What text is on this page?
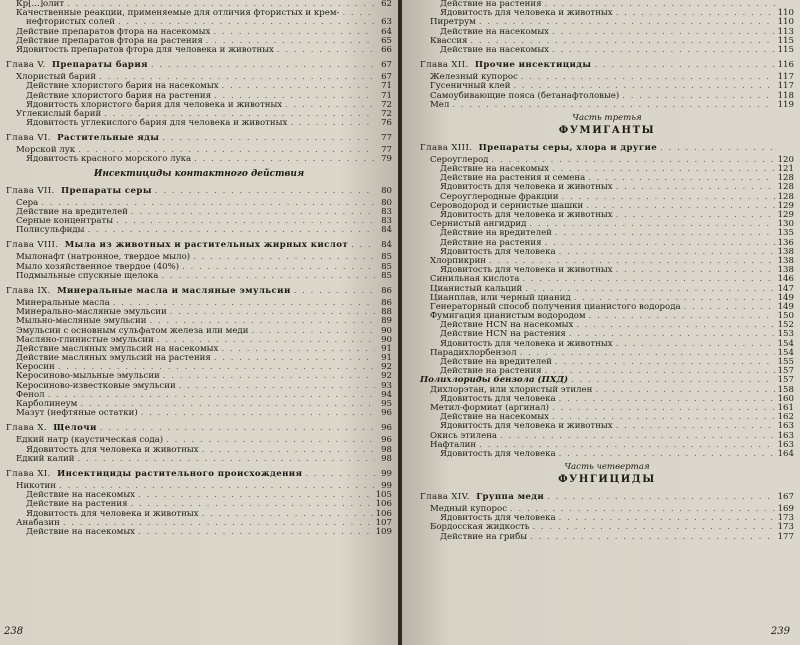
Кр[...]олит . . .	62
Качественные реакции, применяемые для отличия фтористых и крем-
. . .
нефтористых солей . . .	63
Действие препаратов фтора на насекомых . . .	64
Действие препаратов фтора на растения . . .	65
Ядовитость препаратов фтора для человека и животных . . .	66
Глава V. Препараты бария . . .	67
Хлористый барий . . .	67
Действие хлористого бария на насекомых . . .	71
Действие хлористого бария на растения . . .	71
Ядовитость хлористого бария для человека и животных . . .	72
Углекислый барий . . .	72
Ядовитость углекислого бария для человека и животных . . .	76
Глава VI. Растительные яды . . .	77
Морской лук . . .	77
Ядовитость красного морского лука . . .	79
Инсектициды контактного действия
Глава VII. Препараты серы . . .	80
Сера . . .	80
Действие на вредителей . . .	83
Серные концентраты . . .	83
Полисульфиды . . .	84
Глава VIII. Мыла из животных и растительных жирных кислот . . .	84
Мылонафт (натронное, твердое мыло) . . .	85
Мыло хозяйственное твердое (40%) . . .	85
Подмыльные спускные щелока . . .	85
Глава IX. Минеральные масла и масляные эмульсии . . .	86
Минеральные масла . . .	86
Минерально-масляные эмульсии . . .	88
Мыльно-масляные эмульсии . . .	89
Эмульсии с основным сульфатом железа или меди . . .	90
Масляно-глинистые эмульсии . . .	90
Действие масляных эмульсий на насекомых . . .	91
Действие масляных эмульсий на растения . . .	91
Керосин . . .	92
Керосиново-мыльные эмульсии . . .	92
Керосиново-известковые эмульсии . . .	93
Фенол . . .	94
Карболинеум . . .	95
Мазут (нефтяные остатки) . . .	96
Глава X. Щелочи . . .	96
Едкий натр (каустическая сода) . . .	96
Ядовитость для человека и животных . . .	98
Едкий калий . . .	98
Глава XI. Инсектициды растительного происхождения . . .	99
Никотин . . .	99
Действие на насекомых . . .	105
Действие на растения . . .	106
Ядовитость для человека и животных . . .	106
Анабазин . . .	107
Действие на насекомых . . .	109
238
Действие на растения
. . .
Ядовитость для человека и животных . . .	110
Пиретрум . . .	110
Действие на насекомых . . .	113
Квассия . . .	115
Действие на насекомых . . .	115
Глава XII. Прочие инсектициды . . .	116
Железный купорос . . .	117
Гусеничный клей . . .	117
Самоубивающие пояса (бетанафтоловые) . . .	118
Мел . . .	119
Часть третья
ФУМИГАНТЫ
Глава XIII. Препараты серы, хлора и другие
. . .
Сероуглерод . . .	120
Действие на насекомых . . .	121
Действие на растения и семена . . .	128
Ядовитость для человека и животных . . .	128
Сероуглеродные фракции . . .	128
Сероводород и сернистые шашки . . .	129
Ядовитость для человека и животных . . .	129
Сернистый ангидрид . . .	130
Действие на вредителей . . .	135
Действие на растения . . .	136
Ядовитость для человека . . .	138
Хлорпикрин . . .	138
Ядовитость для человека и животных . . .	138
Синильная кислота . . .	146
Цианистый кальций . . .	147
Цианплав, или черный цианид . . .	149
Генераторный способ получения цианистого водорода . . .	149
Фумигация цианистым водородом . . .	150
Действие HCN на насекомых . . .	152
Действие HCN на растения . . .	153
Ядовитость для человека и животных . . .	154
Парадихлорбензол . . .	154
Действие на вредителей . . .	155
Действие на растения . . .	157
Полихлориды бензола (ПХД) . . .	157
Дихлорэтан, или хлористый этилен . . .	158
Ядовитость для человека . . .	160
Метил-формиат (аргинал) . . .	161
Действие на насекомых . . .	162
Ядовитость для человека и животных . . .	163
Окись этилена . . .	163
Нафталин . . .	163
Ядовитость для человека . . .	164
Часть четвертая
ФУНГИЦИДЫ
Глава XIV. Группа меди . . .	167
Медный купорос . . .	169
Ядовитость для человека . . .	173
Бордосская жидкость . . .	173
Действие на грибы . . .	177
239
